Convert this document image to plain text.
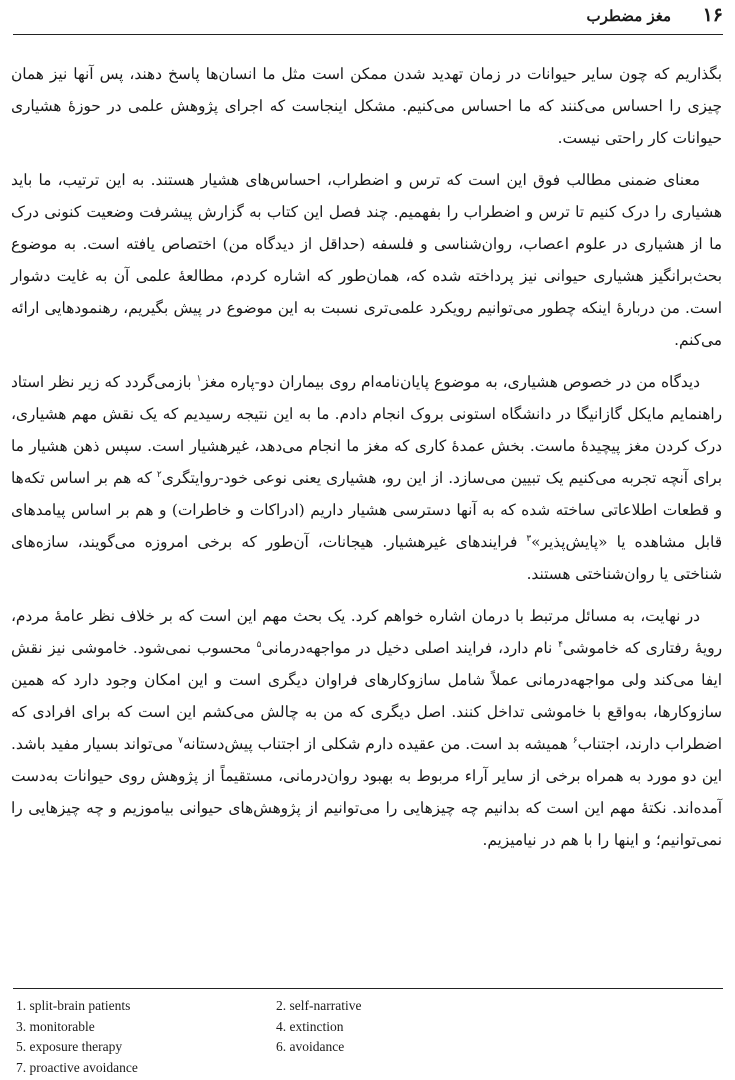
۱۶
مغز مضطرب

بگذاریم که چون سایر حیوانات در زمان تهدید شدن ممکن است مثل ما انسان‌ها پاسخ دهند، پس آنها نیز همان چیزی را احساس می‌کنند که ما احساس می‌کنیم. مشکل اینجاست که اجرای پژوهش علمی در حوزهٔ هشیاری حیوانات کار راحتی نیست.

معنای ضمنی مطالب فوق این است که ترس و اضطراب، احساس‌های هشیار هستند. به این ترتیب، ما باید هشیاری را درک کنیم تا ترس و اضطراب را بفهمیم. چند فصل این کتاب به گزارش پیشرفت وضعیت کنونی درک ما از هشیاری در علوم اعصاب، روان‌شناسی و فلسفه (حداقل از دیدگاه من) اختصاص یافته است. به موضوع بحث‌برانگیز هشیاری حیوانی نیز پرداخته شده که، همان‌طور که اشاره کردم، مطالعهٔ علمی آن به غایت دشوار است. من دربارهٔ اینکه چطور می‌توانیم رویکرد علمی‌تری نسبت به این موضوع در پیش بگیریم، رهنمودهایی ارائه می‌کنم.

دیدگاه من در خصوص هشیاری، به موضوع پایان‌نامه‌ام روی بیماران دو-پاره مغز$^۱$ بازمی‌گردد که زیر نظر استاد راهنمایم مایکل گازانیگا در دانشگاه استونی بروک انجام دادم. ما به این نتیجه رسیدیم که یک نقش مهم هشیاری، درک کردن مغز پیچیدهٔ ماست. بخش عمدهٔ کاری که مغز ما انجام می‌دهد، غیرهشیار است. سپس ذهن هشیار ما برای آنچه تجربه می‌کنیم یک تبیین می‌سازد. از این رو، هشیاری یعنی نوعی خود-روایتگری$^۲$ که هم بر اساس تکه‌ها و قطعات اطلاعاتی ساخته شده که به آنها دسترسی هشیار داریم (ادراکات و خاطرات) و هم بر اساس پیامدهای قابل مشاهده یا «پایش‌پذیر»$^۳$ فرایندهای غیرهشیار. هیجانات، آن‌طور که برخی امروزه می‌گویند، سازه‌های شناختی یا روان‌شناختی هستند.

در نهایت، به مسائل مرتبط با درمان اشاره خواهم کرد. یک بحث مهم این است که بر خلاف نظر عامهٔ مردم، رویهٔ رفتاری که خاموشی$^۴$ نام دارد، فرایند اصلی دخیل در مواجهه‌درمانی$^۵$ محسوب نمی‌شود. خاموشی نیز نقش ایفا می‌کند ولی مواجهه‌درمانی عملاً شامل سازوکارهای فراوان دیگری است و این امکان وجود دارد که همین سازوکارها، به‌واقع با خاموشی تداخل کنند. اصل دیگری که من به چالش می‌کشم این است که برای افرادی که اضطراب دارند، اجتناب$^۶$ همیشه بد است. من عقیده دارم شکلی از اجتناب پیش‌دستانه$^۷$ می‌تواند بسیار مفید باشد. این دو مورد به همراه برخی از سایر آراء مربوط به بهبود روان‌درمانی، مستقیماً از پژوهش روی حیوانات به‌دست آمده‌اند. نکتهٔ مهم این است که بدانیم چه چیزهایی را می‌توانیم از پژوهش‌های حیوانی بیاموزیم و چه چیزهایی را نمی‌توانیم؛ و اینها را با هم در نیامیزیم.

1. split-brain patients	2. self-narrative
3. monitorable	4. extinction
5. exposure therapy	6. avoidance
7. proactive avoidance
